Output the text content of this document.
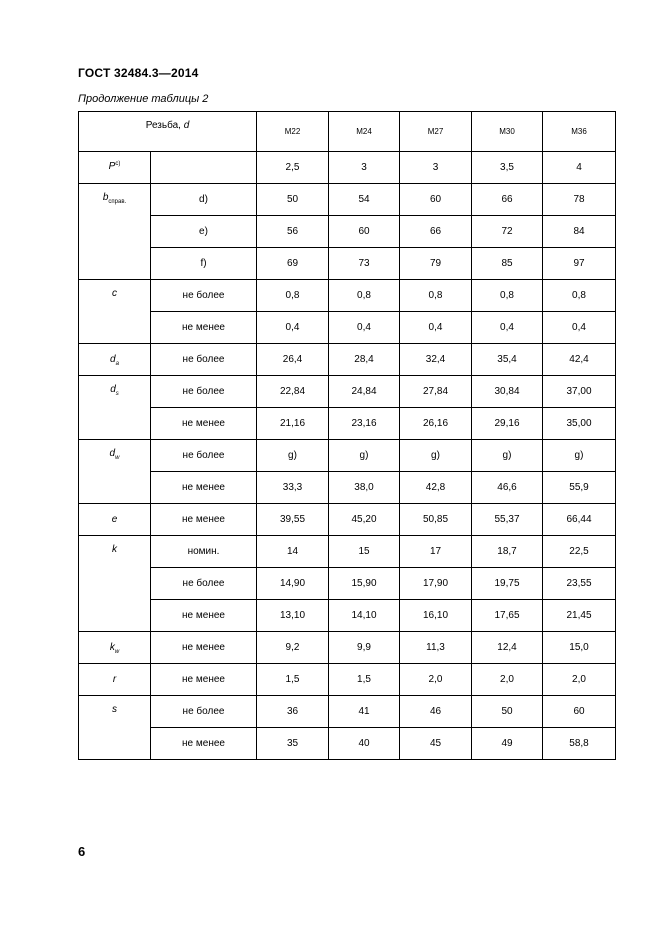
ГОСТ 32484.3—2014
Продолжение таблицы 2
Резьба, d		М22	М24	М27	М30	М36
$P^{с)}$		2,5	3	3	3,5	4
$b_{справ.}$	d)	50	54	60	66	78
	е)	56	60	66	72	84
	f)	69	73	79	85	97
c	не более	0,8	0,8	0,8	0,8	0,8
	не менее	0,4	0,4	0,4	0,4	0,4
$d_a$	не более	26,4	28,4	32,4	35,4	42,4
$d_s$	не более	22,84	24,84	27,84	30,84	37,00
	не менее	21,16	23,16	26,16	29,16	35,00
$d_w$	не более	g)	g)	g)	g)	g)
	не менее	33,3	38,0	42,8	46,6	55,9
e	не менее	39,55	45,20	50,85	55,37	66,44
k	номин.	14	15	17	18,7	22,5
	не более	14,90	15,90	17,90	19,75	23,55
	не менее	13,10	14,10	16,10	17,65	21,45
$k_w$	не менее	9,2	9,9	11,3	12,4	15,0
r	не менее	1,5	1,5	2,0	2,0	2,0
s	не более	36	41	46	50	60
	не менее	35	40	45	49	58,8
6
